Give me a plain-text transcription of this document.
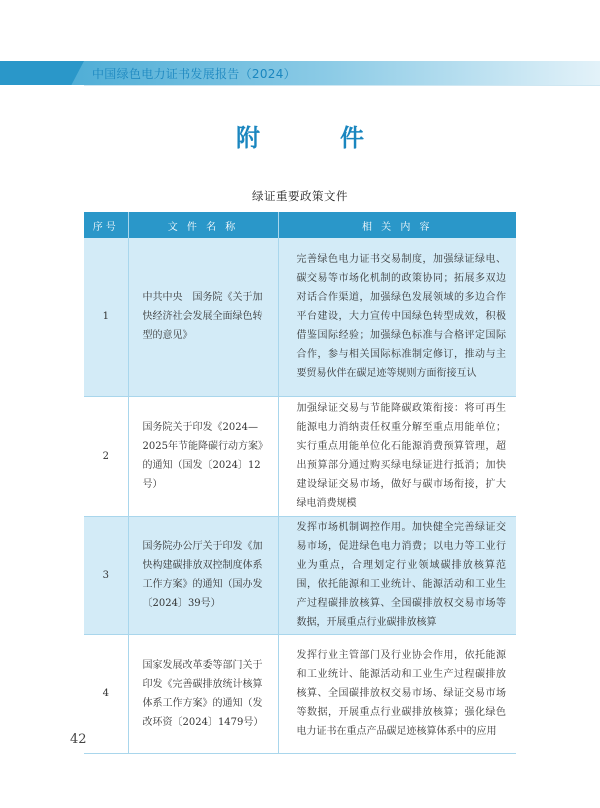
中国绿色电力证书发展报告（2024）
附　件
绿证重要政策文件
序号	文 件 名 称	相 关 内 容
1	中共中央　国务院《关于加快经济社会发展全面绿色转型的意见》	完善绿色电力证书交易制度，加强绿证绿电、碳交易等市场化机制的政策协同；拓展多双边对话合作渠道，加强绿色发展领域的多边合作平台建设，大力宣传中国绿色转型成效，积极借鉴国际经验；加强绿色标准与合格评定国际合作，参与相关国际标准制定修订，推动与主要贸易伙伴在碳足迹等规则方面衔接互认
2	国务院关于印发《2024—2025年节能降碳行动方案》的通知（国发〔2024〕12号）	加强绿证交易与节能降碳政策衔接：将可再生能源电力消纳责任权重分解至重点用能单位；实行重点用能单位化石能源消费预算管理，超出预算部分通过购买绿电绿证进行抵消；加快建设绿证交易市场，做好与碳市场衔接，扩大绿电消费规模
3	国务院办公厅关于印发《加快构建碳排放双控制度体系工作方案》的通知（国办发〔2024〕39号）	发挥市场机制调控作用。加快健全完善绿证交易市场，促进绿色电力消费；以电力等工业行业为重点，合理划定行业领域碳排放核算范围，依托能源和工业统计、能源活动和工业生产过程碳排放核算、全国碳排放权交易市场等数据，开展重点行业碳排放核算
4	国家发展改革委等部门关于印发《完善碳排放统计核算体系工作方案》的通知（发改环资〔2024〕1479号）	发挥行业主管部门及行业协会作用，依托能源和工业统计、能源活动和工业生产过程碳排放核算、全国碳排放权交易市场、绿证交易市场等数据，开展重点行业碳排放核算；强化绿色电力证书在重点产品碳足迹核算体系中的应用
42
